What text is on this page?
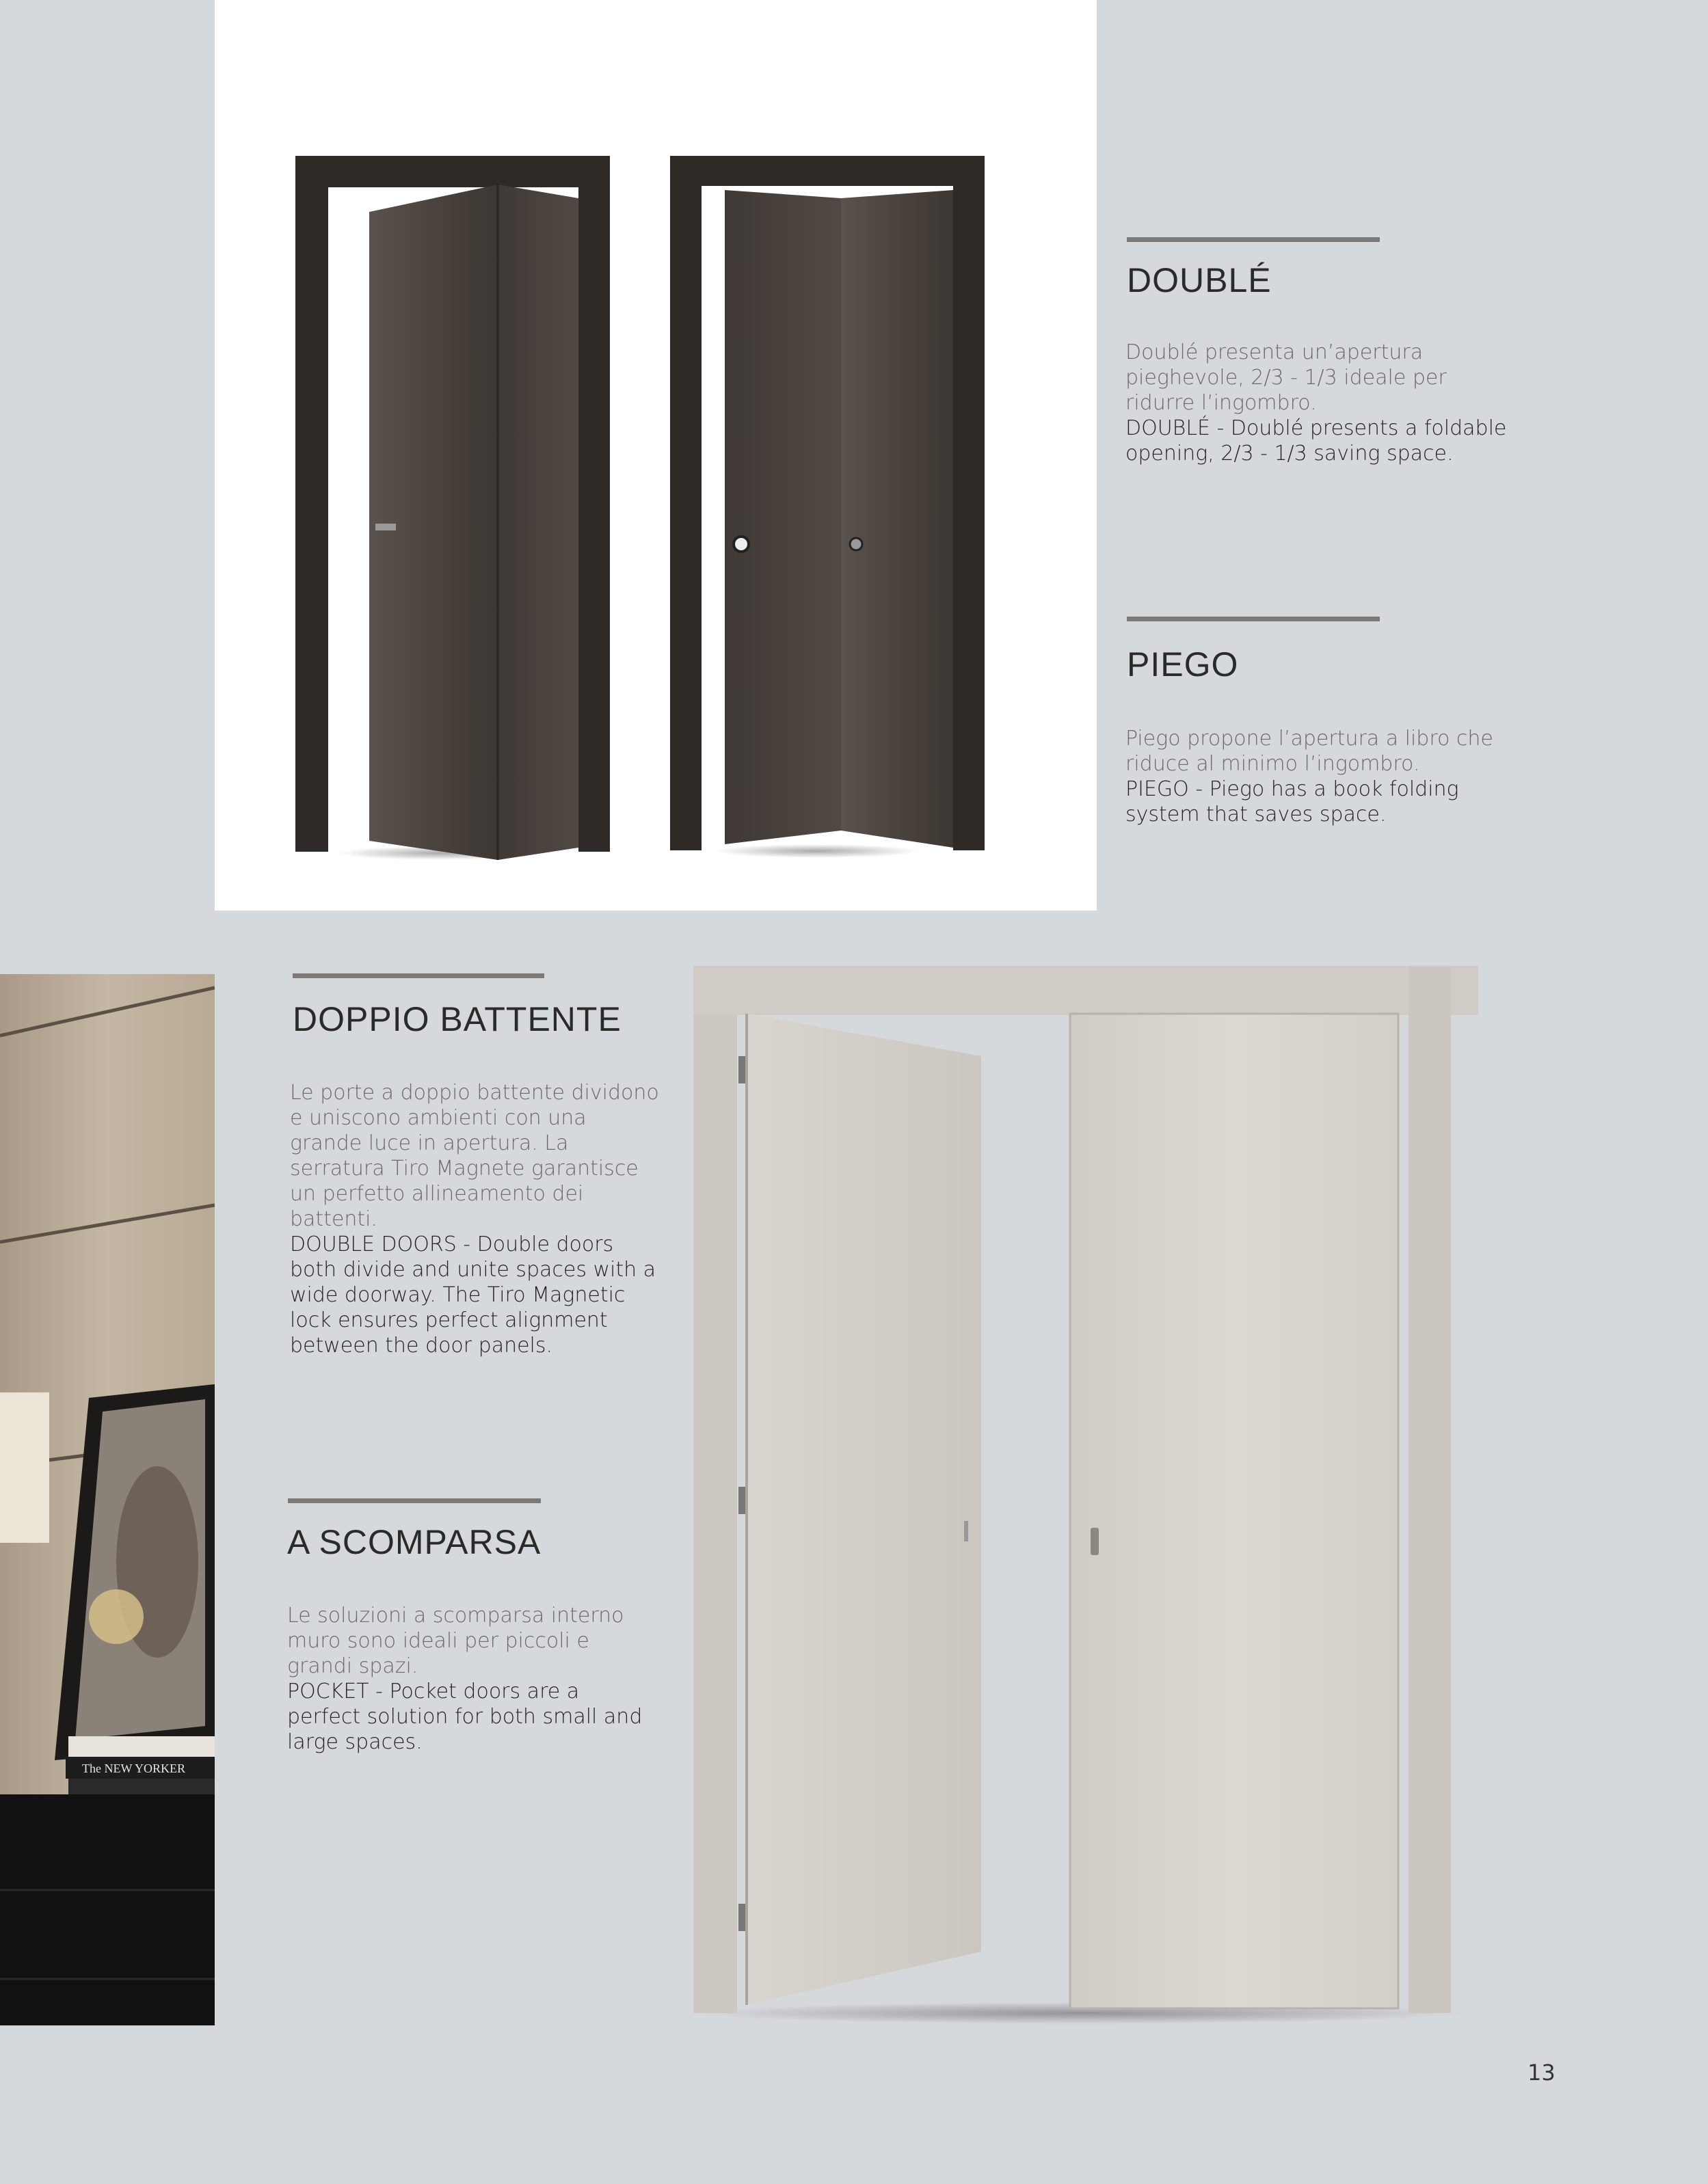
The NEW YORKER
DOUBLÉ
Doublé presenta un’apertura pieghevole, 2/3 - 1/3 ideale per ridurre l’ingombro.
DOUBLÉ - Doublé presents a foldable opening, 2/3 - 1/3 saving space.
PIEGO
Piego propone l’apertura a libro che riduce al minimo l’ingombro.
PIEGO - Piego has a book folding system that saves space.
DOPPIO BATTENTE
Le porte a doppio battente dividono e uniscono ambienti con una grande luce in apertura. La serratura Tiro Magnete garantisce un perfetto allineamento dei battenti.
DOUBLE DOORS - Double doors both divide and unite spaces with a wide doorway. The Tiro Magnetic lock ensures perfect alignment between the door panels.
A SCOMPARSA
Le soluzioni a scomparsa interno muro sono ideali per piccoli e grandi spazi.
POCKET - Pocket doors are a perfect solution for both small and large spaces.
13
